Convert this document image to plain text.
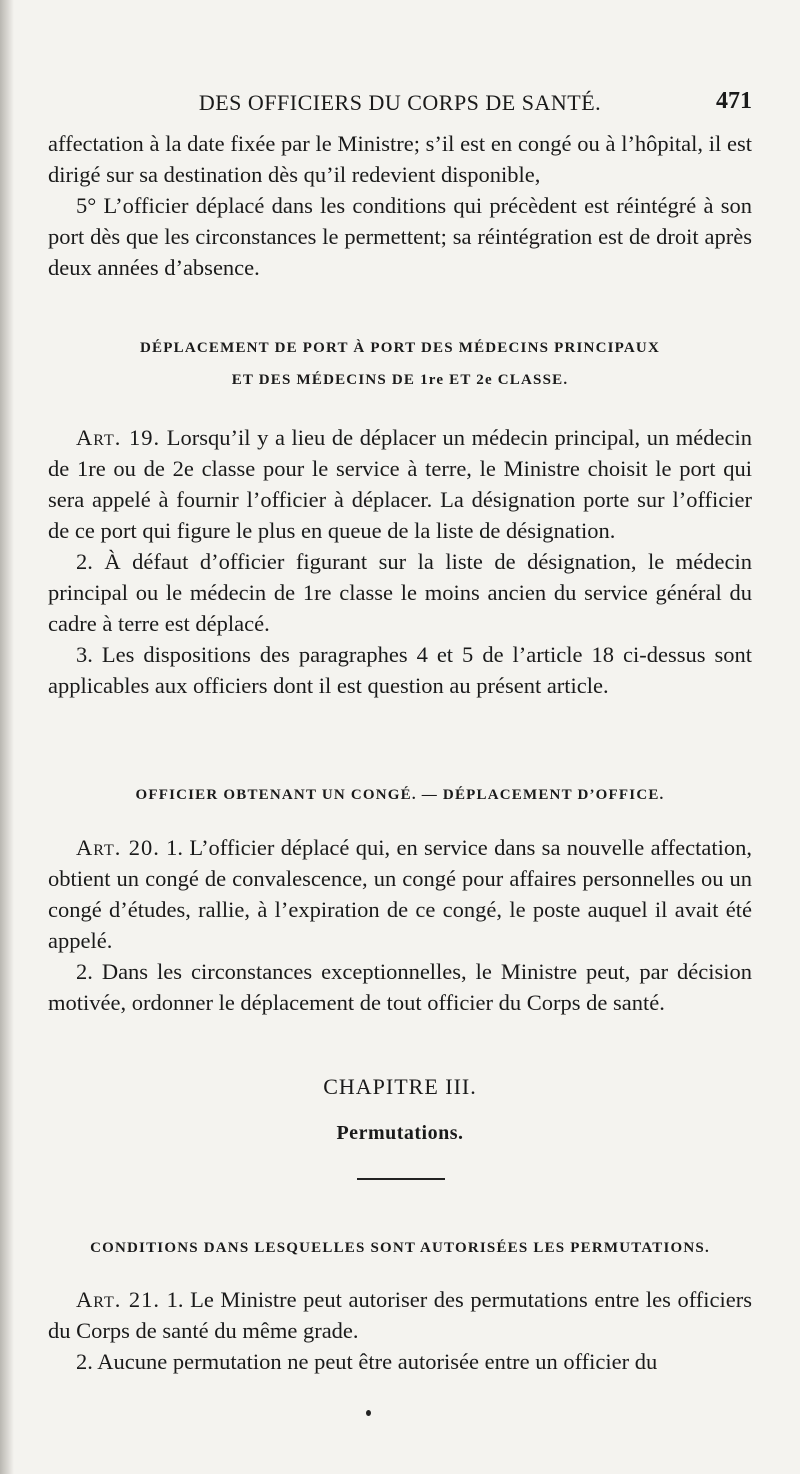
DES OFFICIERS DU CORPS DE SANTÉ.	471

affectation à la date fixée par le Ministre; s’il est en congé ou à l’hôpital, il est dirigé sur sa destination dès qu’il redevient disponible,

5° L’officier déplacé dans les conditions qui précèdent est réintégré à son port dès que les circonstances le permettent; sa réintégration est de droit après deux années d’absence.

DÉPLACEMENT DE PORT À PORT DES MÉDECINS PRINCIPAUX
ET DES MÉDECINS DE 1re ET 2e CLASSE.

Art. 19. Lorsqu’il y a lieu de déplacer un médecin principal, un médecin de 1re ou de 2e classe pour le service à terre, le Ministre choisit le port qui sera appelé à fournir l’officier à déplacer. La désignation porte sur l’officier de ce port qui figure le plus en queue de la liste de désignation.

2. À défaut d’officier figurant sur la liste de désignation, le médecin principal ou le médecin de 1re classe le moins ancien du service général du cadre à terre est déplacé.

3. Les dispositions des paragraphes 4 et 5 de l’article 18 ci-dessus sont applicables aux officiers dont il est question au présent article.

OFFICIER OBTENANT UN CONGÉ. — DÉPLACEMENT D’OFFICE.

Art. 20. 1. L’officier déplacé qui, en service dans sa nouvelle affectation, obtient un congé de convalescence, un congé pour affaires personnelles ou un congé d’études, rallie, à l’expiration de ce congé, le poste auquel il avait été appelé.

2. Dans les circonstances exceptionnelles, le Ministre peut, par décision motivée, ordonner le déplacement de tout officier du Corps de santé.

CHAPITRE III.
Permutations.
CONDITIONS DANS LESQUELLES SONT AUTORISÉES LES PERMUTATIONS.

Art. 21. 1. Le Ministre peut autoriser des permutations entre les officiers du Corps de santé du même grade.

2. Aucune permutation ne peut être autorisée entre un officier du
